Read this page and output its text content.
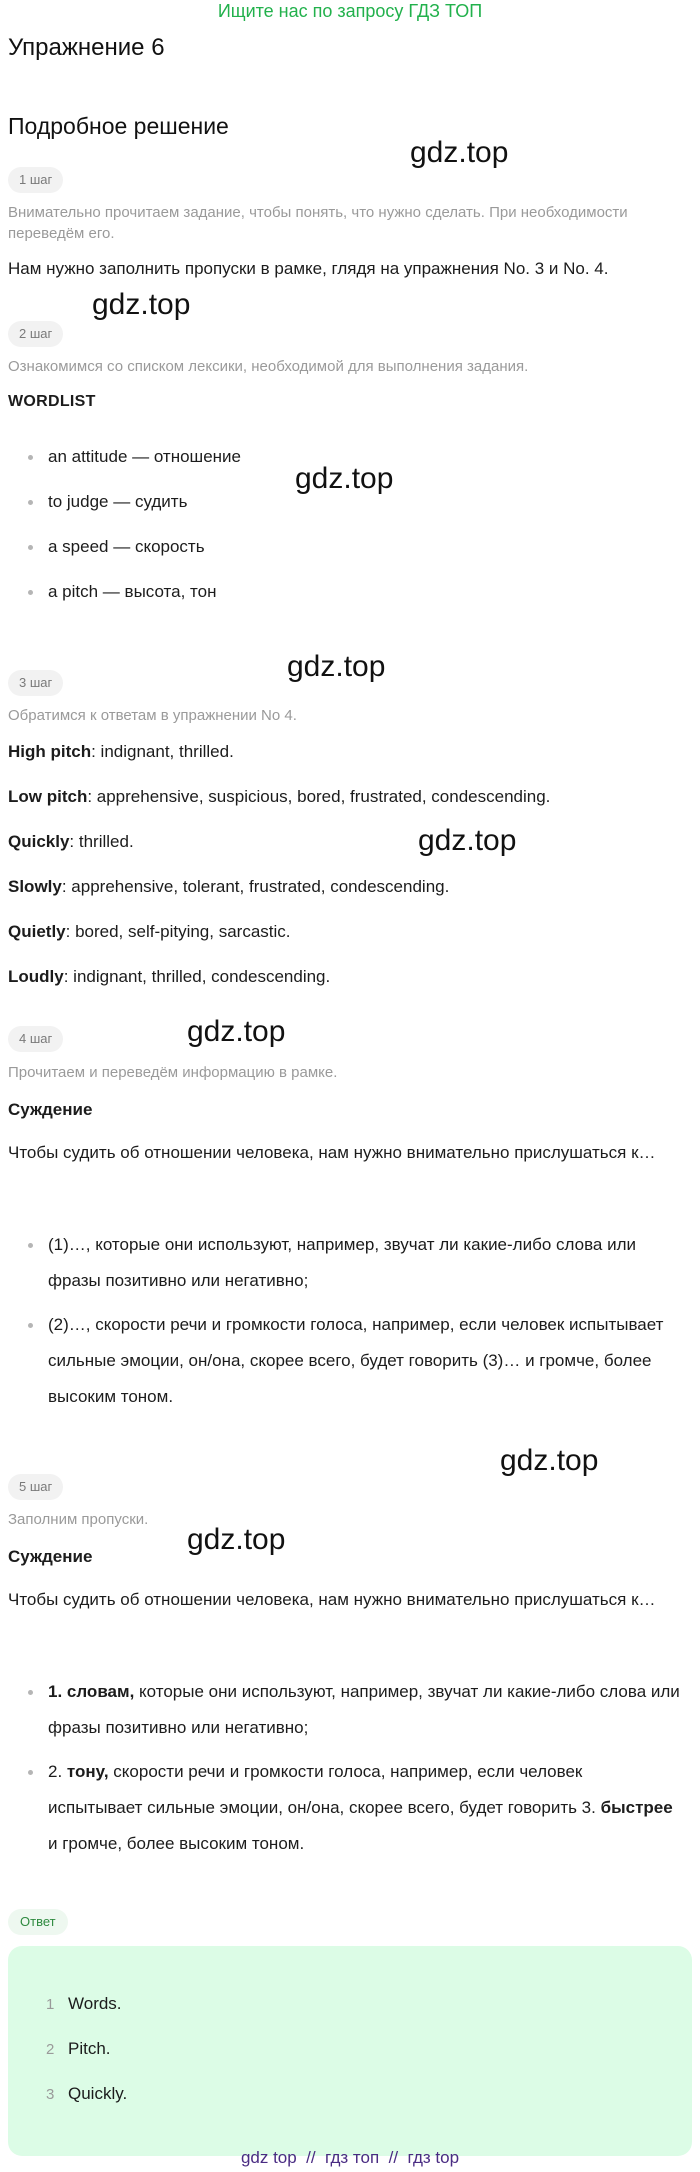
Ищите нас по запросу ГДЗ ТОП
Упражнение 6
Подробное решение
gdz.top
gdz.top
gdz.top
gdz.top
gdz.top
gdz.top
gdz.top
gdz.top
1 шаг
Внимательно прочитаем задание, чтобы понять, что нужно сделать. При необходимости переведём его.
Нам нужно заполнить пропуски в рамке, глядя на упражнения No. 3 и No. 4.
2 шаг
Ознакомимся со списком лексики, необходимой для выполнения задания.
WORDLIST
an attitude — отношение
to judge — судить
a speed — скорость
a pitch — высота, тон
3 шаг
Обратимся к ответам в упражнении No 4.
High pitch: indignant, thrilled.
Low pitch: apprehensive, suspicious, bored, frustrated, condescending.
Quickly: thrilled.
Slowly: apprehensive, tolerant, frustrated, condescending.
Quietly: bored, self-pitying, sarcastic.
Loudly: indignant, thrilled, condescending.
4 шаг
Прочитаем и переведём информацию в рамке.
Суждение
Чтобы судить об отношении человека, нам нужно внимательно прислушаться к…
(1)…, которые они используют, например, звучат ли какие-либо слова или фразы позитивно или негативно;
(2)…, скорости речи и громкости голоса, например, если человек испытывает сильные эмоции, он/она, скорее всего, будет говорить (3)… и громче, более высоким тоном.
5 шаг
Заполним пропуски.
Суждение
Чтобы судить об отношении человека, нам нужно внимательно прислушаться к…
1. словам, которые они используют, например, звучат ли какие-либо слова или фразы позитивно или негативно;
2. тону, скорости речи и громкости голоса, например, если человек испытывает сильные эмоции, он/она, скорее всего, будет говорить 3. быстрее и громче, более высоким тоном.
Ответ
1 Words.
2 Pitch.
3 Quickly.
gdz top  //  гдз топ  //  гдз top
